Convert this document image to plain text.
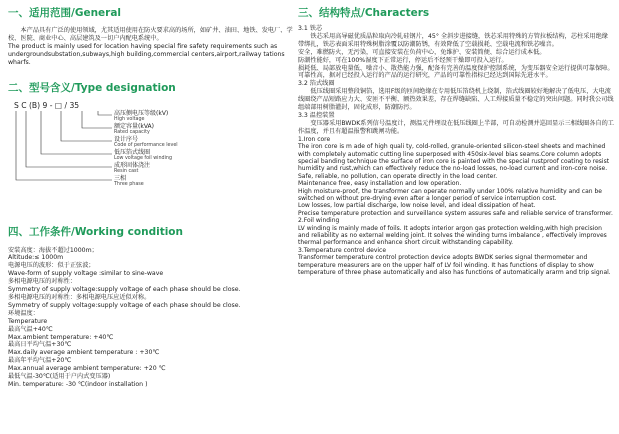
一、适用范围/General

本产品具有广泛的使用领域，尤其适用使用在防火要求高的场所，如矿井、油田、地铁、发电厂、学校、医院、商业中心、高层建筑及一切户内配电系统中。

The product is mainly used for location having special fire safety requirements such as undergroundsubstation,subways,high building,commercial centers,airport,railway tations wharfs.

二、型号含义/Type designation
S C (B) 9 - □ / 35
高压侧电压等级(kV)
High voltage
额定容量(kVA)
Rated capacity
设计序号
Code of performance level
低压箔式线圈
Low voltage foil winding
成形固体浇注
Resin cast
三相
Three phase
四、工作条件/Working condition
安装高度：海拔不超过1000m；
Altitude:≤ 1000m
电源电压的波形：似于正弦波；
Wave-form of supply voltage :similar to sine-wave
多相电源电压的对称性：
Symmetry of supply voltage:supply voltage of each phase should be close.
多相电源电压的对称性：多相电源电压应近似对称。
Symmetry of supply voltage:supply voltage of each phase should be close.
环境温度：
Temperature
最高气温+40℃
Max.ambient temperature: +40℃
最高日平均气温+30℃
Max.daily average ambient temperature : +30℃
最高年平均气温+20℃
Max.annual average ambient temperature: +20 ℃
最低气温-30℃(适用于户内式变压器)
Min. temperature: -30 ℃(indoor installation )
三、结构特点/Characters

3.1 铁芯

铁芯采用高导磁优质晶粒取向冷轧硅钢片，45° 全斜步进接缝，铁芯采用特殊的方管拉板结构，芯柱采用绝缘带绑扎，铁芯表面采用特殊树脂涂覆以防潮防锈，有效降低了空载损耗、空载电流和铁芯噪音。

安全，难燃防火，无污染，可直接安装在负荷中心，免维护、安装简便、综合运行成本低。

防潮性能好，可在100%湿度下正常运行，停运后不经预干燥即可投入运行。

损耗低、局部放电量低、噪音小、散热能力强，配备有完善的温度保护控制系统，为变压器安全运行提供可靠保障。

可靠性高，据对已经投入运行的产品的运行研究，产品的可靠性指标已经达到国际先进水平。

3.2 箔式线圈

低压线圈采用整段铜箔，选用F级的匝间绝缘在专用低压箔绕机上绕制，箔式线圈较好地解决了低电压，大电流线圈绕产品短路应力大、安匝不平衡、额热效果差，存在焊缝缺陷、人工焊接质量不稳定的突出问题。同时我公司线组端部用树脂灌封，固化成形，防潮防污。

3.3 温控装置

变压器采用BWDK系列信号温度计，测温元件埋设在低压线圈上半部，可自动检测并巡回显示三相线圈各自的工作温度，并且有超温报警和跳闸功能。

1.Iron core

The iron core is m ade of high quali ty, cold-rolled, granule-oriented silicon-steel sheets and machined with completely automatic cutting line superposed with 450six-level bias seams.Core column adopts special banding technique the surface of iron core is painted with the special rustproof coating to resist humidity and rust,which can effectively reduce the no-load losses, no-load current and iron-core noise.

Safe, reliable, no pollution, can operate directly in the load center.

Maintenance free, easy installation and low operation.

High moisture-proof, the transformer can operate normally under 100% relative humidity and can be switched on without pre-drying even after a longer period of service interruption cost.

Low losses, low partial discharge, low noise level, and ideal dissipation of heat.

Precise temperature protection and surveillance system assures safe and reliable service of transformer.

2.Foil winding

LV winding is mainly made of foils. It adopts interior argon gas protection welding,with high precision and reliability as no external welding joint. It solves the winding turns imbalance , effectively improves thermal performance and enhance short circuit withstanding capability.

3.Temperature control device

Transformer temperature control protection device adopts BWDK series signal thermometer and temperature measurers are on the upper half of LV foil winding. It has functions of display to show temperature of three phase automatically and also has functions of automatically ararm and trip signal.
